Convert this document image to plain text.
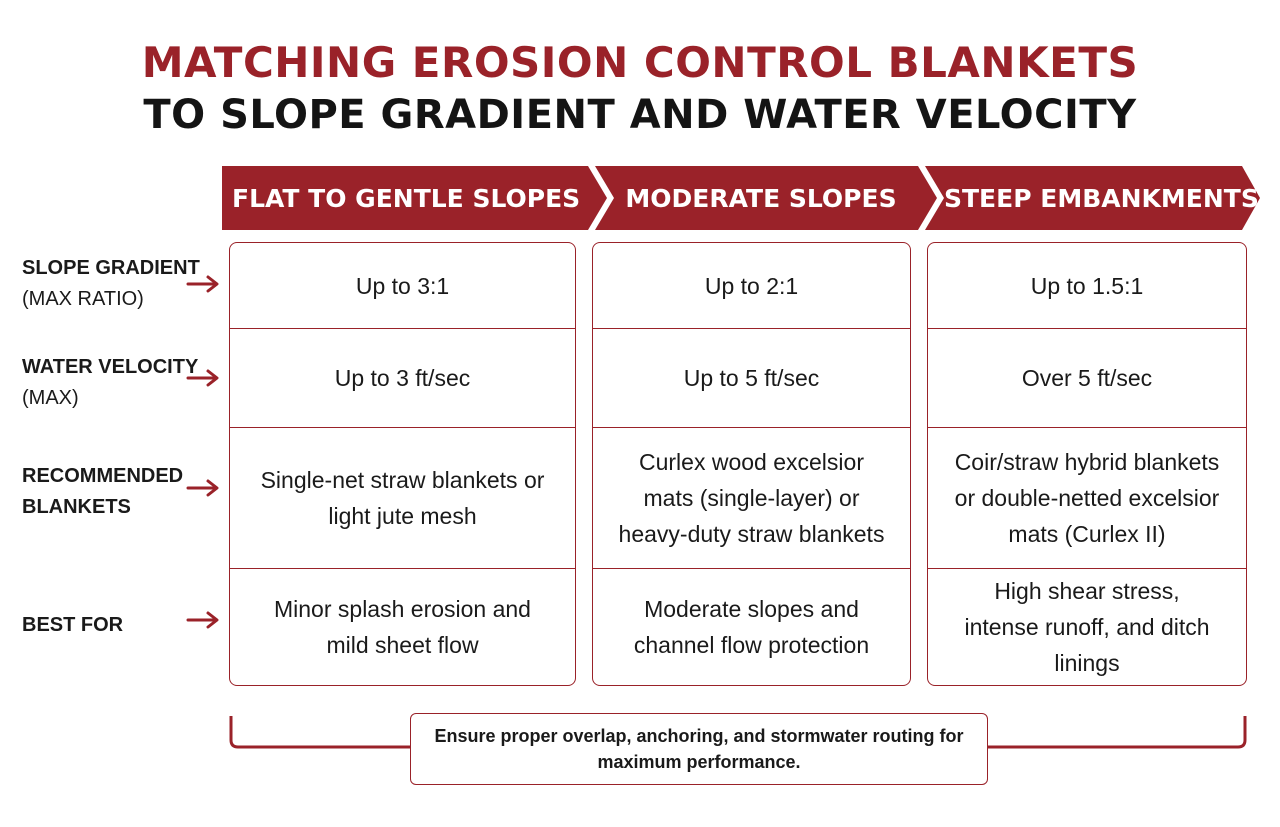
MATCHING EROSION CONTROL BLANKETS
TO SLOPE GRADIENT AND WATER VELOCITY
FLAT TO GENTLE SLOPES	MODERATE SLOPES	STEEP EMBANKMENTS
SLOPE GRADIENT
(MAX RATIO)
WATER VELOCITY
(MAX)
RECOMMENDED BLANKETS
BEST FOR
Up to 3:1
Up to 3 ft/sec
Single-net straw blankets or light jute mesh
Minor splash erosion and mild sheet flow
Up to 2:1
Up to 5 ft/sec
Curlex wood excelsior mats (single-layer) or heavy-duty straw blankets
Moderate slopes and channel flow protection
Up to 1.5:1
Over 5 ft/sec
Coir/straw hybrid blankets or double-netted excelsior mats (Curlex II)
High shear stress, intense runoff, and ditch linings
Ensure proper overlap, anchoring, and stormwater routing for maximum performance.
